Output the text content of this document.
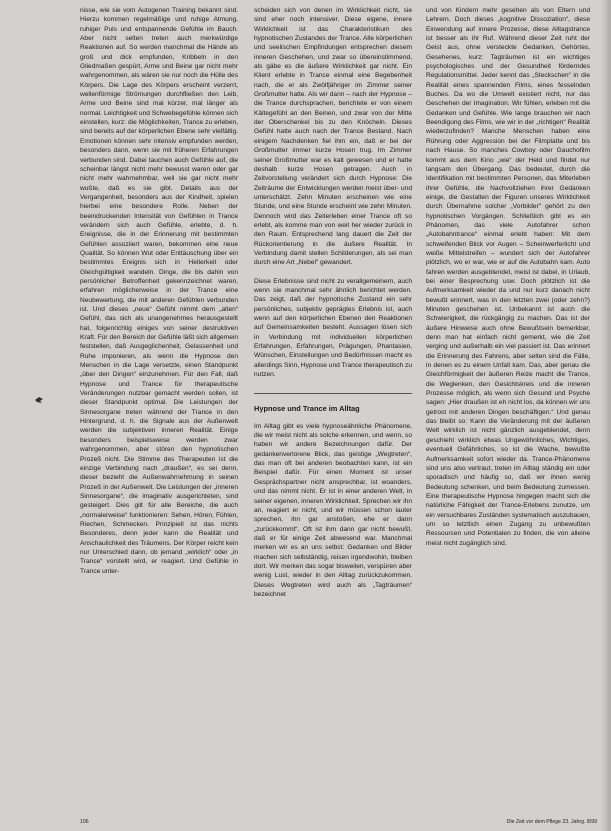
nisse, wie sie vom Autogenen Training bekannt sind. Hierzu kommen regelmäßige und ruhige Atmung, ruhiger Puls und entspannende Gefühle im Bauch. Aber nicht selten treten auch merkwürdige Reaktionen auf. So werden manchmal die Hände als groß und dick empfunden, Kribbeln in den Gliedmaßen gespürt, Arme und Beine gar nicht mehr wahrgenommen, als wären sie nur noch die Hülle des Körpers. Die Lage des Körpers erscheint verzerrt, wellenförmige Strömungen durchfließen den Leib, Arme und Beine sind mal kürzer, mal länger als normal. Leichtigkeit und Schwebegefühle können sich einstellen, kurz: die Möglichkeiten, Trance zu erleben, sind bereits auf der körperlichen Ebene sehr vielfältig. Emotionen können sehr intensiv empfunden werden, besonders dann, wenn sie mit früheren Erfahrungen verbunden sind. Dabei tauchen auch Gefühle auf, die scheinbar längst nicht mehr bewusst waren oder gar nicht mehr wahrnehmbar, weil sie gar nicht mehr wußte, daß es sie gibt. Details aus der Vergangenheit, besonders aus der Kindheit, spielen hierbei eine besondere Rolle. Neben der beeindruckenden Intensität von Gefühlen in Trance verändern sich auch Gefühle, erlebte, d. h. Ereignisse, die in der Erinnerung mit bestimmten Gefühlen assoziiert waren, bekommen eine neue Qualität. So können Wut oder Enttäuschung über ein bestimmtes Ereignis sich in Heiterkeit oder Gleichgültigkeit wandeln. Dinge, die bis dahin von persönlicher Betroffenheit gekennzeichnet waren, erfahren möglicherweise in der Trance eine Neubewertung, die mit anderen Gefühlen verbunden ist. Und dieses „neue“ Gefühl nimmt dem „alten“ Gefühl, das sich als unangenehmes herausgestellt hat, folgenrichtig einiges von seiner destruktiven Kraft. Für den Bereich der Gefühle läßt sich allgemein feststellen, daß Ausgeglichenheit, Gelassenheit und Ruhe imponieren, als wenn die Hypnose den Menschen in die Lage versetzte, einen Standpunkt „über den Dingen“ einzunehmen. Für den Fall, daß Hypnose und Trance für therapeutische Veränderungen nutzbar gemacht werden sollen, ist dieser Standpunkt optimal. Die Leistungen der Sinnesorgane treten während der Trance in den Hintergrund, d. h. die Signale aus der Außenwelt werden die subjektiven inneren Realität. Einige besonders beispielsweise werden zwar wahrgenommen, aber stören den hypnotischen Prozeß nicht. Die Stimme des Therapeuten ist die einzige Verbindung nach „draußen“, es sei denn, dieser bezieht die Außenwahrnehmung in seinen Prozeß in der Außenwelt. Die Leistungen der „inneren Sinnesorgane“, die imaginativ ausgerichteten, sind gesteigert. Dies gilt für alle Bereiche, die auch „normalerweise“ funktionieren: Sehen, Hören, Fühlen, Riechen, Schmecken. Prinzipiell ist das nichts Besonderes, denn jeder kann die Realität und Anschaulichkeit des Träumens. Der Körper reicht kein nur Unterschied dann, ob jemand „wirklich“ oder „in Trance“ vorstellt wird, er reagiert. Und Gefühle in Trance unter-

scheiden sich von denen im Wirklichkeit nicht, sie sind eher noch intensiver. Diese eigene, innere Wirklichkeit ist das Charakteristikum des hypnotischen Zustandes der Trance. Alle körperlichen und seelischen Empfindungen entsprechen diesem inneren Geschehen, und zwar so übereinstimmend, als gäbe es die äußere Wirklichkeit gar nicht. Ein Klient erlebte in Trance einmal eine Begebenheit nach, die er als Zwölfjähriger im Zimmer seiner Großmutter hatte. Als wir dann – nach der Hypnose – die Trance durchsprachen, berichtete er von einem Kältegefühl an den Beinen, und zwar von der Mitte der Oberschenkel bis zu den Knöcheln. Dieses Gefühl hatte auch nach der Trance Bestand. Nach einigem Nachdenken fiel ihm ein, daß er bei der Großmutter immer kurze Hosen trug. Im Zimmer seiner Großmutter war es kalt gewesen und er hatte deshalb kurze Hosen getragen. Auch in Zeitvorstellung verändert sich durch Hypnose: Die Zeiträume der Entwicklungen werden meist über- und unterschätzt. Zehn Minuten erscheinen wie eine Stunde, und eine Stunde erscheint wie zehn Minuten. Dennoch wird das Zeiterleben einer Trance oft so erlebt, als komme man von weit her wieder zurück in den Raum. Entsprechend lang dauert die Zeit der Rückorientierung in die äußere Realität. In Verbindung damit stellen Schilderungen, als sei man durch eine Art „Nebel“ gewandert.

Diese Erlebnisse sind nicht zu verallgemeinern, auch wenn sie manchmal sehr ähnlich berichtet werden. Das zeigt, daß der hypnotische Zustand ein sehr persönliches, subjektiv geprägtes Erlebnis ist, auch wenn auf den körperlichen Ebenen den Reaktionen auf Gemeinsamkeiten besteht. Aussagen lösen sich in Verbindung mit individuellen körperlichen Erfahrungen, Erfahrungen, Prägungen, Phantasien, Wünschen, Einstellungen und Bedürfnissen macht es allerdings Sinn, Hypnose und Trance therapeutisch zu nutzen.

Hypnose und Trance im Alltag

Im Alltag gibt es viele hypnoseähnliche Phänomene, die wir meist nicht als solche erkennen, und wenn, so haben wir andere Bezeichnungen dafür. Der gedankenverlorene Blick, das geistige „Wegtreten“, das man oft bei anderen beobachten kann, ist ein Beispiel dafür. Für einen Moment ist unser Gesprächspartner nicht ansprechbar, ist woanders, und das nimmt nicht. Er ist in einer anderen Welt, in seiner eigenen, inneren Wirklichkeit. Sprechen wir ihn an, reagiert er nicht, und wir müssen schon lauter sprechen, ihn gar anstoßen, ehe er dann „zurückkommt“. Oft ist ihm dann gar nicht bewußt, daß er für einige Zeit abwesend war. Manchmal merken wir es an uns selbst: Gedanken und Bilder machen sich selbständig, reisen irgendwohin, bleiben dort. Wir merken das sogar bisweilen, verspüren aber wenig Lust, wieder in den Alltag zurückzukommen. Dieses Wegtreten wird auch als „Tagträumen“ bezeichnet

und von Kindern mehr gesehen als von Eltern und Lehrern. Doch dieses „kognitive Dissoziation“, diese Einwendung auf innere Prozesse, diese Alltagstrance ist besser als ihr Ruf. Während dieser Zeit ruht der Geist aus, ohne versteckte Gedanken, Gehörtes, Gesehenes, kurz: Tagträumen ist ein wichtiges psychologisches und der Gesundheit förderndes Regulationsmittel. Jeder kennt das „Steckschen“ in die Realität eines spannenden Films, eines fesselnden Buches. Da wo die Umwelt existiert nicht, nur das Geschehen der Imagination. Wir fühlen, erleben mit die Gedanken und Gefühle. Wie lange brauchen wir nach Beendigung des Films, wie wir in der „richtigen“ Realität wiederzufinden? Manche Menschen haben eine Rührung oder Aggression bei der Filmplatte und bis nach Hause. So manches Cowboy oder Gauchofilm kommt aus dem Kino „wie“ der Held und findet nur langsam den Übergang. Das bedeutet, durch die Identifikation mit bestimmten Personen, das Miterleben ihrer Gefühle, die Nachvollziehen ihrer Gedanken einige, die Gestalten der Figuren unseres Wirklichkeit durch Übernahme solcher „Vorbilder“ gehört zu den hypnotischen Vorgängen. Schließlich gibt es ein Phänomen, das viele Autofahrer schon „Autobahntrance“ einmal erlebt haben: Mit dem schweifenden Blick vor Augen – Scheinwerferlicht und weiße Mittelstreifen – wundert sich der Autofahrer plötzlich, wo er war, wie er auf die Autobahn kam. Auto fahren werden ausgeblendet, meist ist dabei, in Urlaub, bei einer Besprechung usw. Doch plötzlich ist die Aufmerksamkeit wieder da und nur kurz danach nicht bewußt erinnert, was in den letzten zwei (oder zehn?) Minuten geschehen ist. Unbekannt ist auch die Schwierigkeit, die rückgängig zu machen. Das ist der äußere Hinweise auch ohne Bewußtsein bemerkbar, denn man hat einfach nicht gemerkt, wie die Zeit verging und außerhalb ein viel passiert ist. Das erinnert die Erinnerung des Fahrens, aber selten sind die Fälle, in denen es zu einem Unfall kam. Das, aber genau die Gleichförmigkeit der äußeren Reize macht die Trance, die Weglenken, den Gesichtskreis und die inneren Prozesse möglich, als wenn sich Gesund und Psyche sagen: „Hier draußen ist eh nicht los, da können wir uns getrost mit anderen Dingen beschäftigen.“ Und genau das bleibt so: Kann die Veränderung mit der äußeren Welt wirklich ist nicht gänzlich ausgeblendet, denn geschieht wirklich etwas Ungewöhnliches, Wichtiges, eventuell Gefährliches, so ist die Wache, bewußte Aufmerksamkeit sofort wieder da. Trance-Phänomene sind uns also vertraut, treten im Alltag ständig ein oder sporadisch und häufig so, daß wir ihnen wenig Bedeutung schenken, und beim Bedeutung zumessen. Eine therapeutische Hypnose hingegen macht sich die natürliche Fähigkeit der Trance-Erlebens zunutze, um ein versuchbares Zuständen systematisch auszubauen, um so letztlich einen Zugang zu unbewußten Ressourcen und Potentialen zu finden, die von alleine meist nicht zugänglich sind.

106	Die Zeit vor dem Pflege 23. Jahrg. 8/99
